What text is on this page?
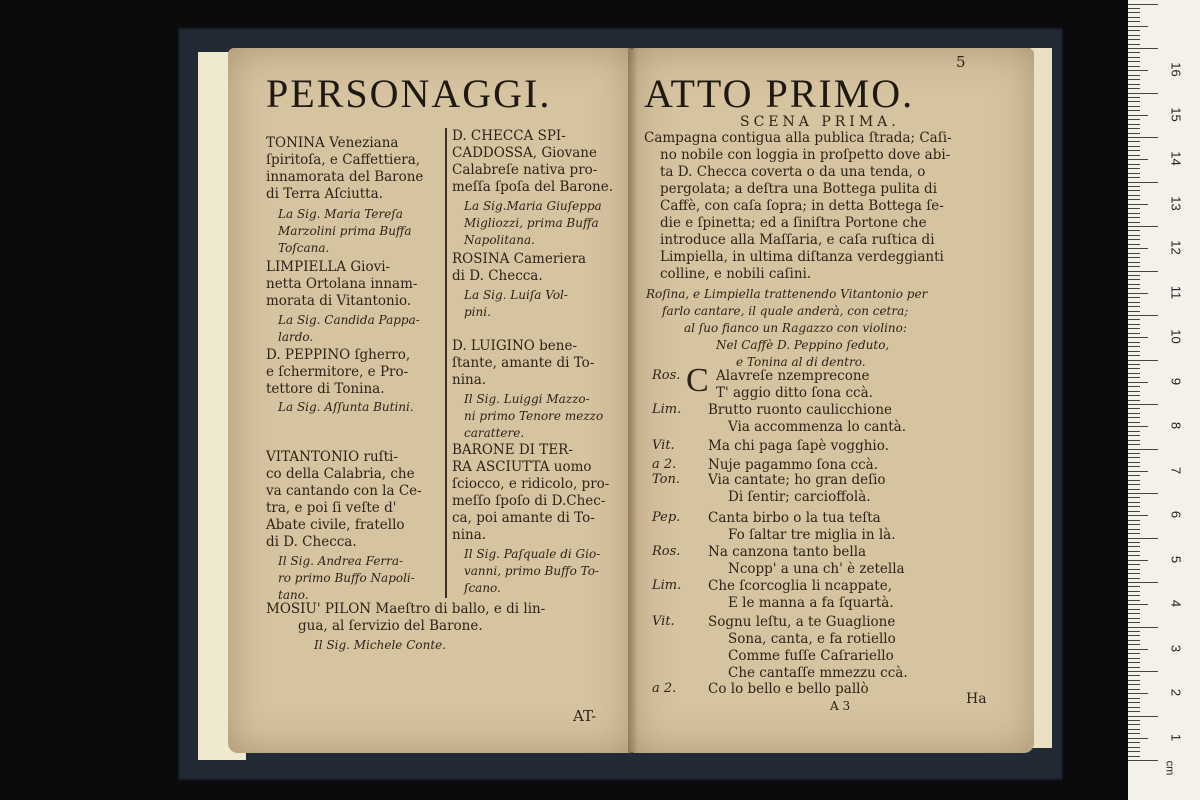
PERSONAGGI.
TONINA Veneziana
ſpiritoſa, e Caffettiera,
innamorata del Barone
di Terra Aſciutta.
La Sig. Maria Tereſa
Marzolini prima Buffa
Toſcana.
LIMPIELLA Giovi-
netta Ortolana innam-
morata di Vitantonio.
La Sig. Candida Pappa-
lardo.
D. PEPPINO ſgherro,
e ſchermitore, e Pro-
tettore di Tonina.
La Sig. Aſſunta Butini.
VITANTONIO ruſti-
co della Calabria, che
va cantando con la Ce-
tra, e poi ſi veſte d'
Abate civile, fratello
di D. Checca.
Il Sig. Andrea Ferra-
ro primo Buffo Napoli-
tano.
D. CHECCA SPI-
CADDOSSA, Giovane
Calabreſe nativa pro-
meſſa ſpoſa del Barone.
La Sig.Maria Giuſeppa
Migliozzi, prima Buffa
Napolitana.
ROSINA Cameriera
di D. Checca.
La Sig. Luiſa Vol-
pini.
D. LUIGINO bene-
ſtante, amante di To-
nina.
Il Sig. Luiggi Mazzo-
ni primo Tenore mezzo
carattere.
BARONE DI TER-
RA ASCIUTTA uomo
ſciocco, e ridicolo, pro-
meſſo ſpoſo di D.Chec-
ca, poi amante di To-
nina.
Il Sig. Paſquale di Gio-
vanni, primo Buffo To-
ſcano.
MOSIU' PILON Maeſtro di ballo, e di lin-
gua, al ſervizio del Barone.
Il Sig. Michele Conte.
AT-
5
ATTO PRIMO.
SCENA PRIMA.
Campagna contigua alla publica ſtrada; Caſi-
no nobile con loggia in proſpetto dove abi-
ta D. Checca coverta o da una tenda, o
pergolata; a deſtra una Bottega pulita di
Caffè, con caſa ſopra; in detta Bottega ſe-
die e ſpinetta; ed a ſiniſtra Portone che
introduce alla Maſſaria, e caſa ruſtica di
Limpiella, in ultima diſtanza verdeggianti
colline, e nobili caſini.
Roſina, e Limpiella trattenendo Vitantonio per
farlo cantare, il quale anderà, con cetra;
al ſuo fianco un Ragazzo con violino:
Nel Caffè D. Peppino ſeduto,
e Tonina al di dentro.
Ros. C Alavreſe nzemprecone
T' aggio ditto ſona ccà.
Lim. Brutto ruonto caulicchione
Via accommenza lo cantà.
Vit. Ma chi paga ſapè vogghio.
a 2. Nuje pagammo ſona ccà.
Ton. Via cantate; ho gran deſio
Di ſentir; carcioffolà.
Pep. Canta birbo o la tua teſta
Fo ſaltar tre miglia in là.
Ros. Na canzona tanto bella
Ncopp' a una ch' è zetella
Lim. Che ſcorcoglia li ncappate,
E le manna a fa ſquartà.
Vit. Sognu leſtu, a te Guaglione
Sona, canta, e fa rotiello
Comme fuſſe Caſrariello
Che cantaſſe mmezzu ccà.
a 2. Co lo bello e bello pallò
A 3	Ha
cm
16
15
14
13
12
11
10
9
8
7
6
5
4
3
2
1
